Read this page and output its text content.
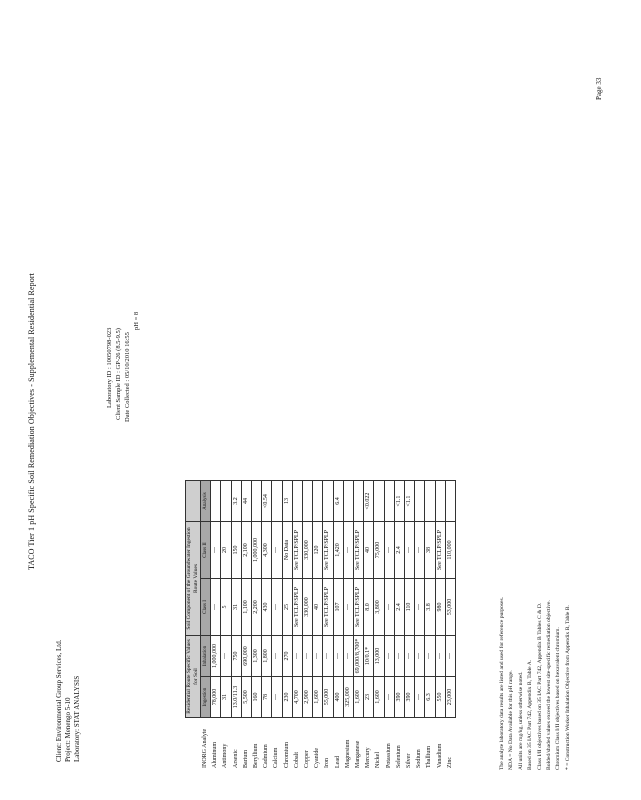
TACO Tier 1 pH Specific Soil Remediation Objectives - Supplemental Residential Report
Client: Environmental Group Services, Ltd. Project: Menengo 5-10 Laboratory: STAT ANALYSIS
Laboratory ID : 10050798-023 Client Sample ID : GP-26 (8.5-9.5) Date Collected : 05/10/2010 16:55
pH = 8
	Residential Route Specific Values for Soil		Soil Component of the Groundwater Ingestion Route Values		
INORG Analyte	Ingestion	Inhalation	Class I	Class II	Analysis
Aluminum	78,000	1,000,000	---	---	
Antimony	31	---	5	20	
Arsenic	13.0/11.3	750	31	150	3.2
Barium	5,500	690,000	1,100	2,100	44
Beryllium	160	1,300	2,200	1,000,000	
Cadmium	78	1,800	430	4,300	<0.54
Calcium	---	---	---	---	
Chromium	230	270	25	No Data	13
Cobalt	4,700	---	See TCLP/SPLP	See TCLP/SPLP	
Copper	2,900	---	330,000	330,000	
Cyanide	1,600	---	40	120	
Iron	55,000	---	See TCLP/SPLP	See TCLP/SPLP	
Lead	400	---	107	1,420	6.4
Magnesium	325,000	---	---	---	
Manganese	1,600	69,000/8,700*	See TCLP/SPLP	See TCLP/SPLP	
Mercury	23	10/0.1*	8.0	40	<0.022
Nickel	1,600	13,000	3,800	75,000	
Potassium	---	---	---	---	
Selenium	390	---	2.4	2.4	<1.1
Silver	390	---	110	---	<1.1
Sodium	---	---	---	---	
Thallium	6.3	---	3.8	38	
Vanadium	550	---	980	See TCLP/SPLP	
Zinc	23,000	---	53,000	110,000	
The analyte laboratory data results are listed and used for reference purposes. NDA = No Data Available for this pH range. All units are mg/kg, unless otherwise noted. Based on 35 IAC Part 742, Appendix B, Table A. Class I/II objectives based on 35 IAC Part 742, Appendix B Tables C & D. Bolded/shaded values exceed the lowest site-specific remediation objective. Chromium Class I/II objectives based on hexavalent chromium. * = Construction Worker Inhalation Objective from Appendix B, Table B.
Page 33
